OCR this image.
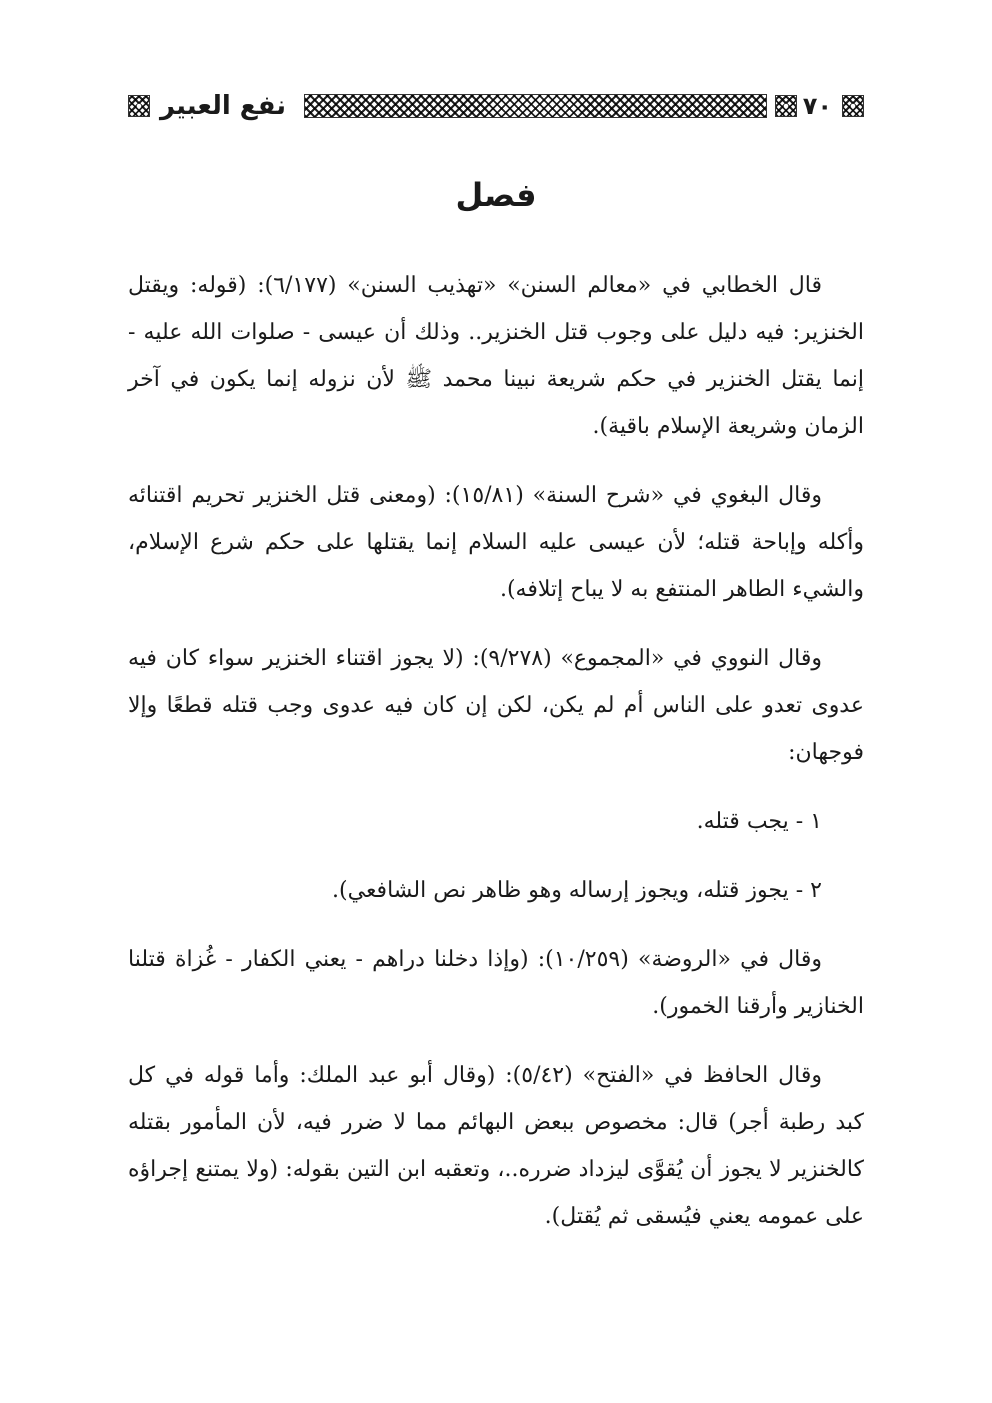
٧٠
نفع العبير
فصل

قال الخطابي في «معالم السنن» «تهذيب السنن» (٦/١٧٧): (قوله: ويقتل الخنزير: فيه دليل على وجوب قتل الخنزير.. وذلك أن عيسى - صلوات الله عليه - إنما يقتل الخنزير في حكم شريعة نبينا محمد ﷺ لأن نزوله إنما يكون في آخر الزمان وشريعة الإسلام باقية).

وقال البغوي في «شرح السنة» (١٥/٨١): (ومعنى قتل الخنزير تحريم اقتنائه وأكله وإباحة قتله؛ لأن عيسى عليه السلام إنما يقتلها على حكم شرع الإسلام، والشيء الطاهر المنتفع به لا يباح إتلافه).

وقال النووي في «المجموع» (٩/٢٧٨): (لا يجوز اقتناء الخنزير سواء كان فيه عدوى تعدو على الناس أم لم يكن، لكن إن كان فيه عدوى وجب قتله قطعًا وإلا فوجهان:

١ - يجب قتله.

٢ - يجوز قتله، ويجوز إرساله وهو ظاهر نص الشافعي).

وقال في «الروضة» (١٠/٢٥٩): (وإذا دخلنا دراهم - يعني الكفار - غُزاة قتلنا الخنازير وأرقنا الخمور).

وقال الحافظ في «الفتح» (٥/٤٢): (وقال أبو عبد الملك: وأما قوله في كل كبد رطبة أجر) قال: مخصوص ببعض البهائم مما لا ضرر فيه، لأن المأمور بقتله كالخنزير لا يجوز أن يُقوَّى ليزداد ضرره..، وتعقبه ابن التين بقوله: (ولا يمتنع إجراؤه على عمومه يعني فيُسقى ثم يُقتل).
